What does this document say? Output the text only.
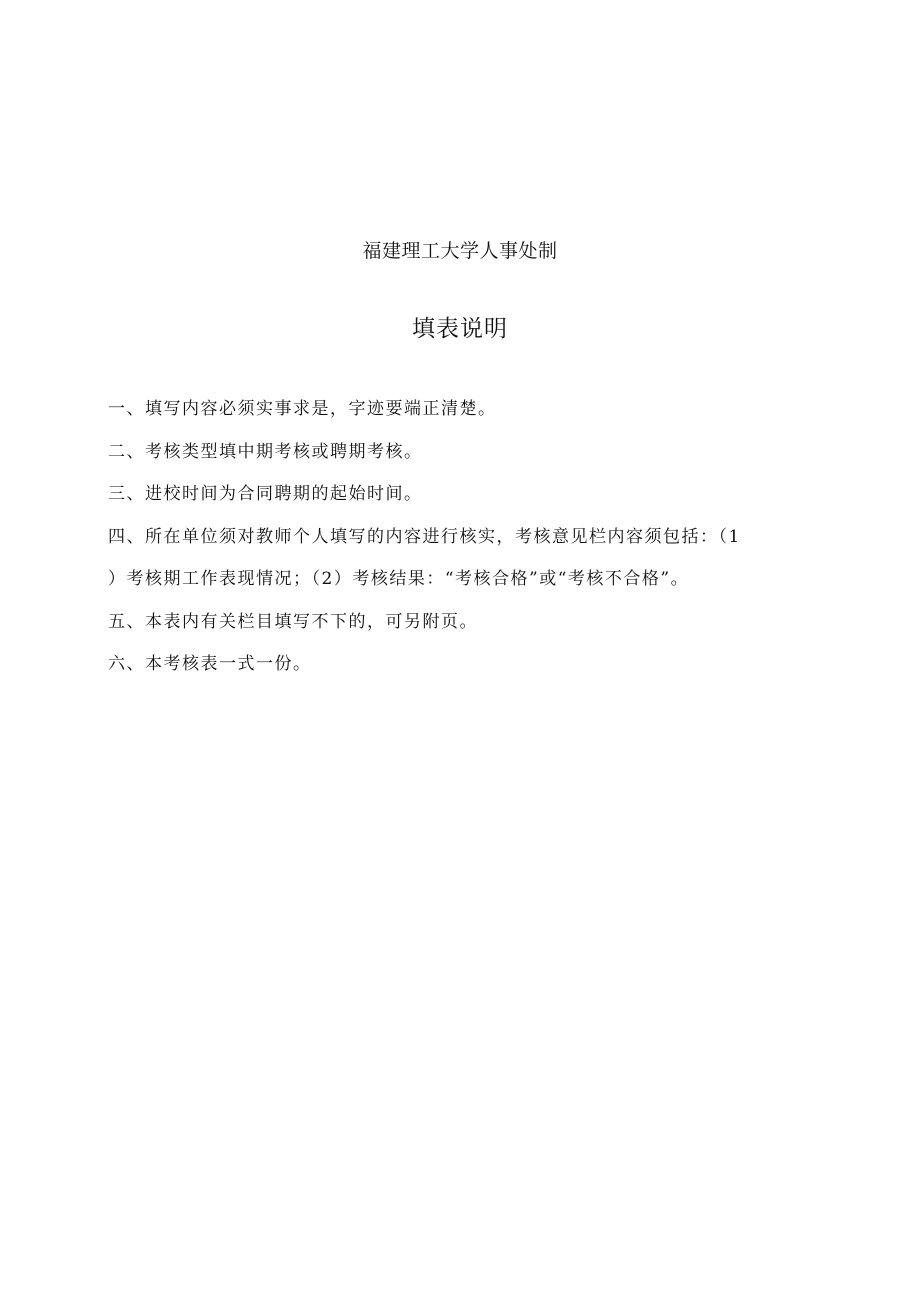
福建理工大学人事处制
填表说明
一、填写内容必须实事求是，字迹要端正清楚。
二、考核类型填中期考核或聘期考核。
三、进校时间为合同聘期的起始时间。
四、所在单位须对教师个人填写的内容进行核实，考核意见栏内容须包括：（1
）考核期工作表现情况；（2）考核结果：“考核合格”或“考核不合格”。
五、本表内有关栏目填写不下的，可另附页。
六、本考核表一式一份。
